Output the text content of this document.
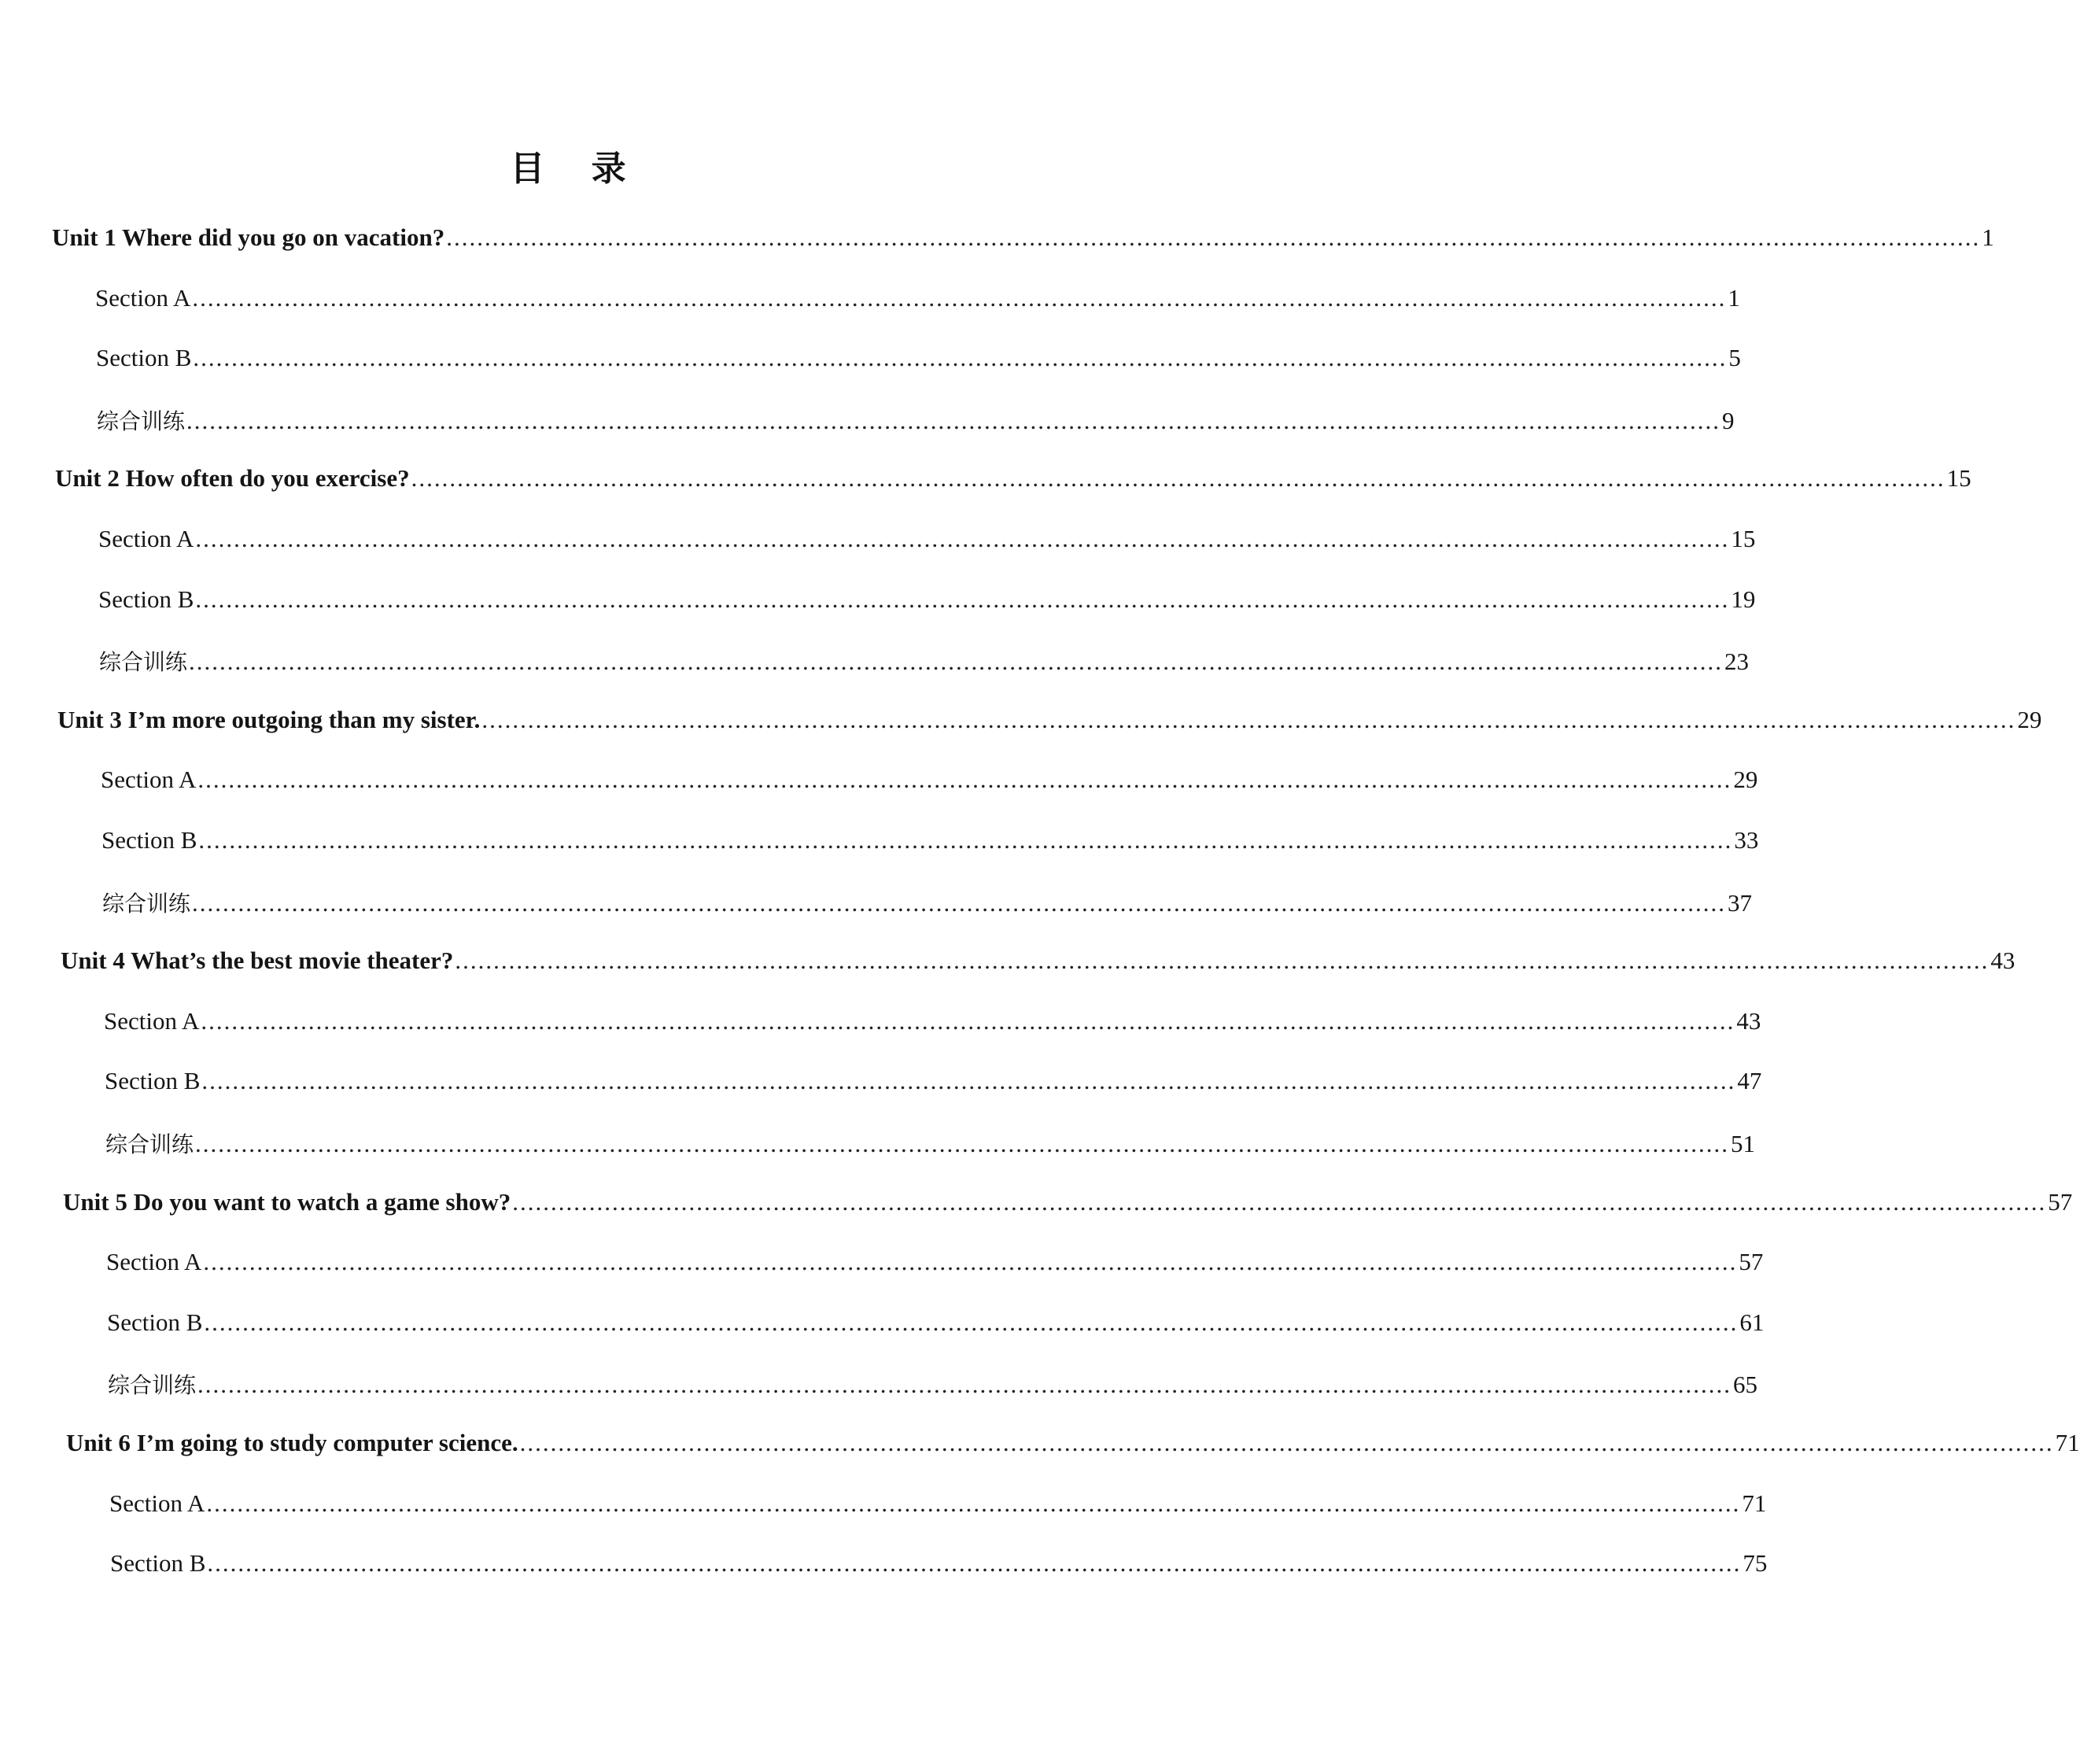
目 录
Unit 1 Where did you go on vacation? ........................................................................................................................................................................................................ 1
Section A ........................................................................................................................................................................................................ 1
Section B ........................................................................................................................................................................................................ 5
综合训练 ........................................................................................................................................................................................................ 9
Unit 2 How often do you exercise? ........................................................................................................................................................................................................ 15
Section A ........................................................................................................................................................................................................ 15
Section B ........................................................................................................................................................................................................ 19
综合训练 ........................................................................................................................................................................................................ 23
Unit 3 I’m more outgoing than my sister. ........................................................................................................................................................................................................ 29
Section A ........................................................................................................................................................................................................ 29
Section B ........................................................................................................................................................................................................ 33
综合训练 ........................................................................................................................................................................................................ 37
Unit 4 What’s the best movie theater? ........................................................................................................................................................................................................ 43
Section A ........................................................................................................................................................................................................ 43
Section B ........................................................................................................................................................................................................ 47
综合训练 ........................................................................................................................................................................................................ 51
Unit 5 Do you want to watch a game show? ........................................................................................................................................................................................................ 57
Section A ........................................................................................................................................................................................................ 57
Section B ........................................................................................................................................................................................................ 61
综合训练 ........................................................................................................................................................................................................ 65
Unit 6 I’m going to study computer science. ........................................................................................................................................................................................................ 71
Section A ........................................................................................................................................................................................................ 71
Section B ........................................................................................................................................................................................................ 75
